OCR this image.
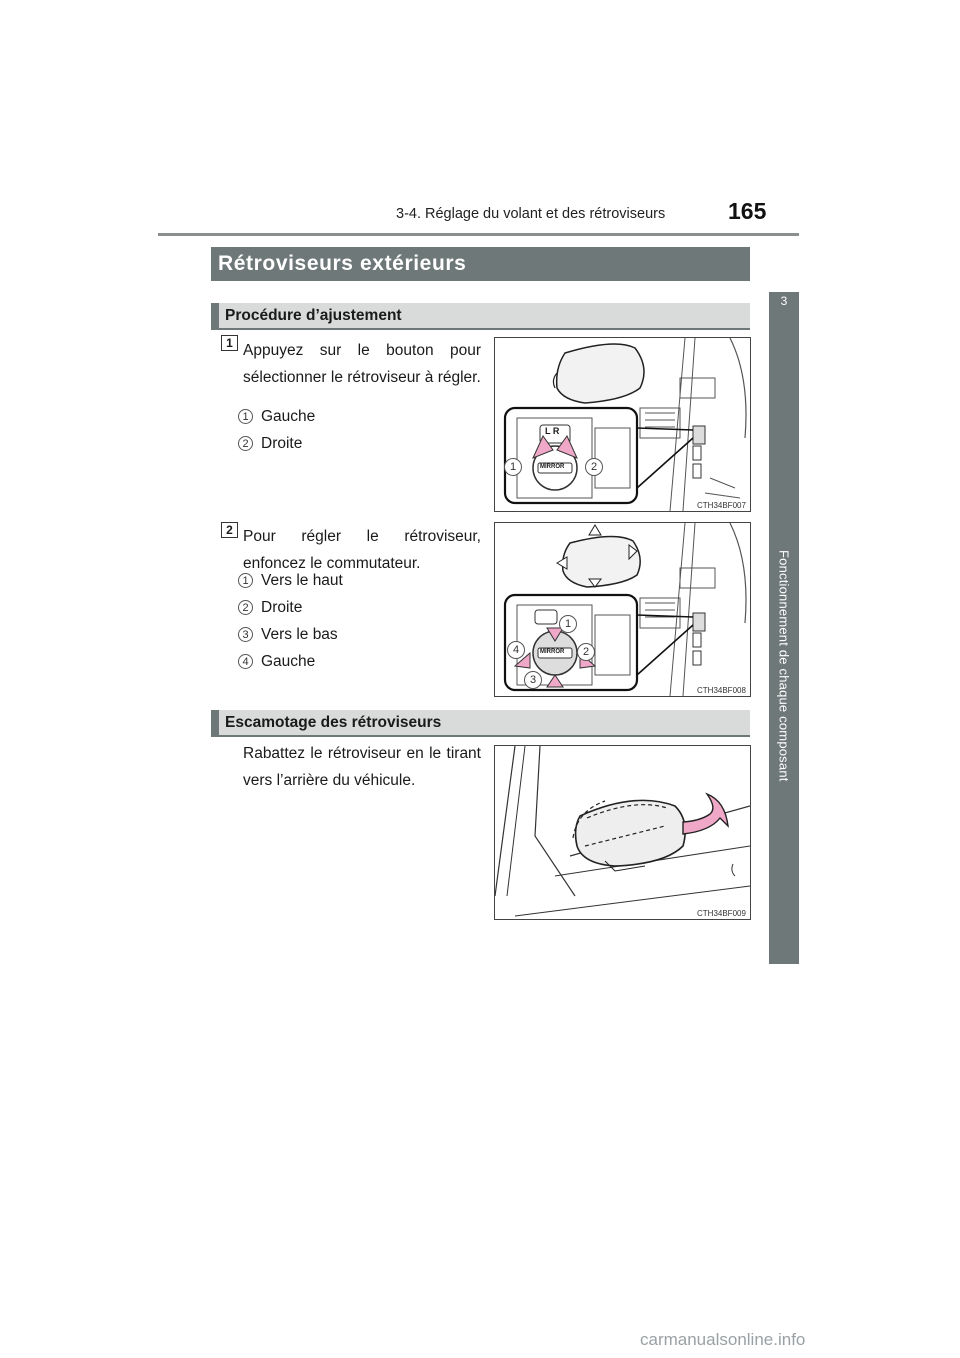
3-4. Réglage du volant et des rétroviseurs	165
3
Fonctionnement de chaque composant
Rétroviseurs extérieurs
Procédure d’ajustement
1 Appuyez sur le bouton pour sélectionner le rétroviseur à régler.
1 Gauche
2 Droite
L R
MIRROR
1	2
CTH34BF007
2 Pour régler le rétroviseur, enfoncez le commutateur.
1 Vers le haut
2 Droite
3 Vers le bas
4 Gauche
MIRROR
1
2
3
4
CTH34BF008
Escamotage des rétroviseurs
Rabattez le rétroviseur en le tirant vers l’arrière du véhicule.
CTH34BF009
carmanualsonline.info
